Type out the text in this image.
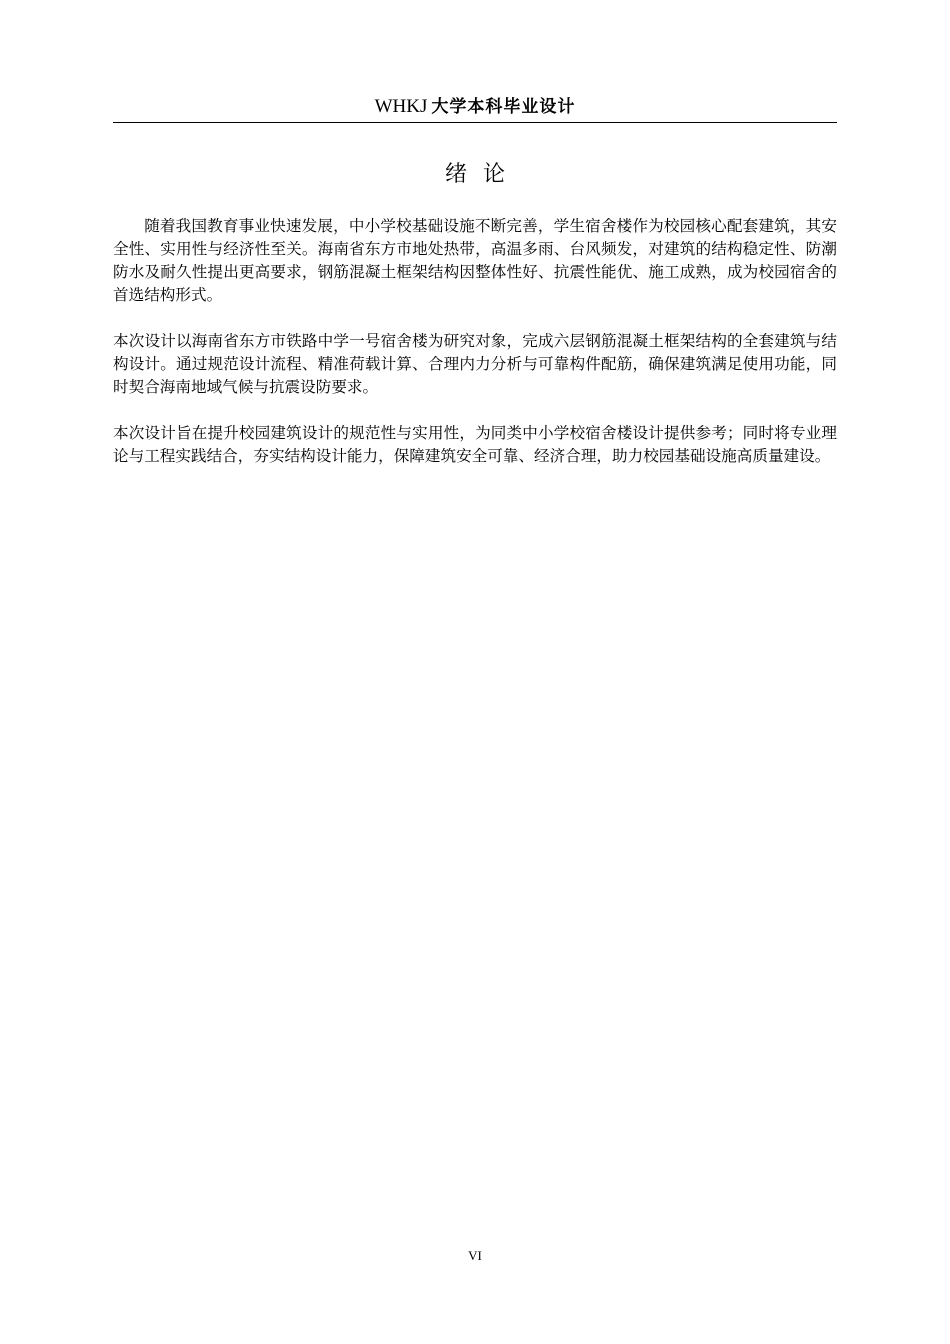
WHKJ 大学本科毕业设计
绪论

随着我国教育事业快速发展，中小学校基础设施不断完善，学生宿舍楼作为校园核心配套建筑，其安全性、实用性与经济性至关。海南省东方市地处热带，高温多雨、台风频发，对建筑的结构稳定性、防潮防水及耐久性提出更高要求，钢筋混凝土框架结构因整体性好、抗震性能优、施工成熟，成为校园宿舍的首选结构形式。

本次设计以海南省东方市铁路中学一号宿舍楼为研究对象，完成六层钢筋混凝土框架结构的全套建筑与结构设计。通过规范设计流程、精准荷载计算、合理内力分析与可靠构件配筋，确保建筑满足使用功能，同时契合海南地域气候与抗震设防要求。

本次设计旨在提升校园建筑设计的规范性与实用性，为同类中小学校宿舍楼设计提供参考；同时将专业理论与工程实践结合，夯实结构设计能力，保障建筑安全可靠、经济合理，助力校园基础设施高质量建设。

VI
